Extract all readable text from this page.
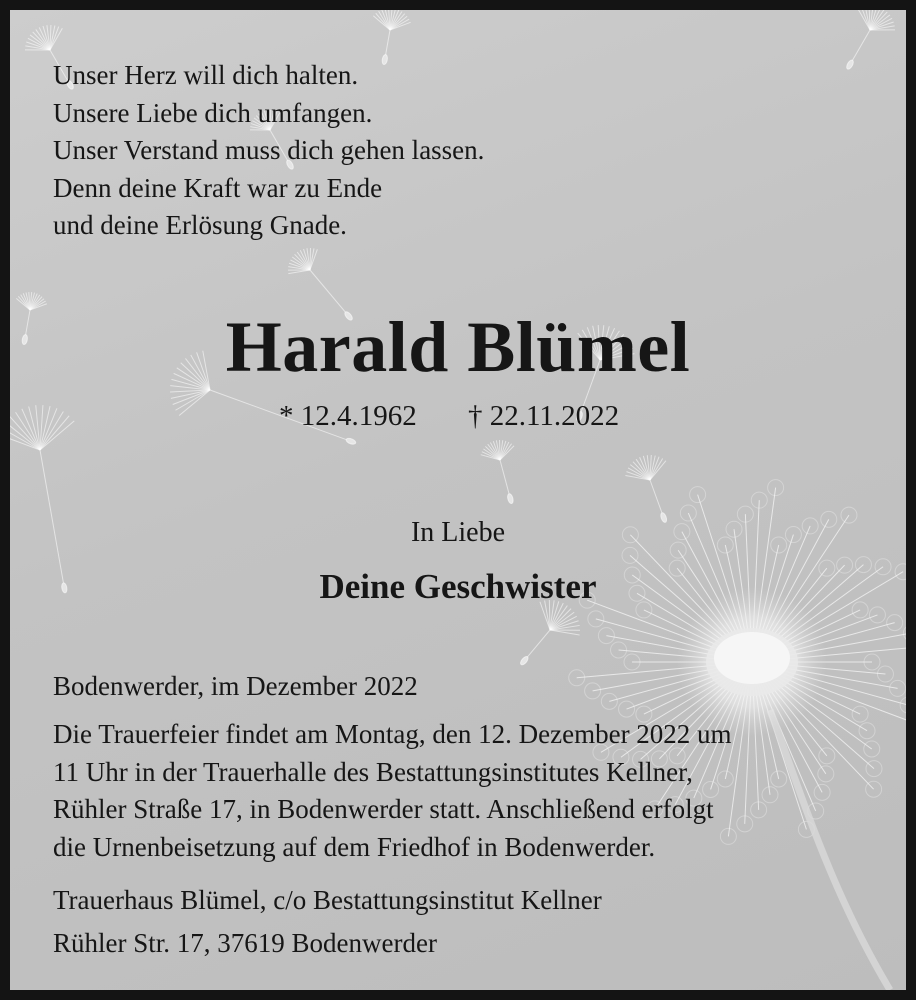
Unser Herz will dich halten.
Unsere Liebe dich umfangen.
Unser Verstand muss dich gehen lassen.
Denn deine Kraft war zu Ende
und deine Erlösung Gnade.
Harald Blümel
* 12.4.1962 † 22.11.2022
In Liebe
Deine Geschwister
Bodenwerder, im Dezember 2022
Die Trauerfeier findet am Montag, den 12. Dezember 2022 um
11 Uhr in der Trauerhalle des Bestattungsinstitutes Kellner,
Rühler Straße 17, in Bodenwerder statt. Anschließend erfolgt
die Urnenbeisetzung auf dem Friedhof in Bodenwerder.
Trauerhaus Blümel, c/o Bestattungsinstitut Kellner
Rühler Str. 17, 37619 Bodenwerder
